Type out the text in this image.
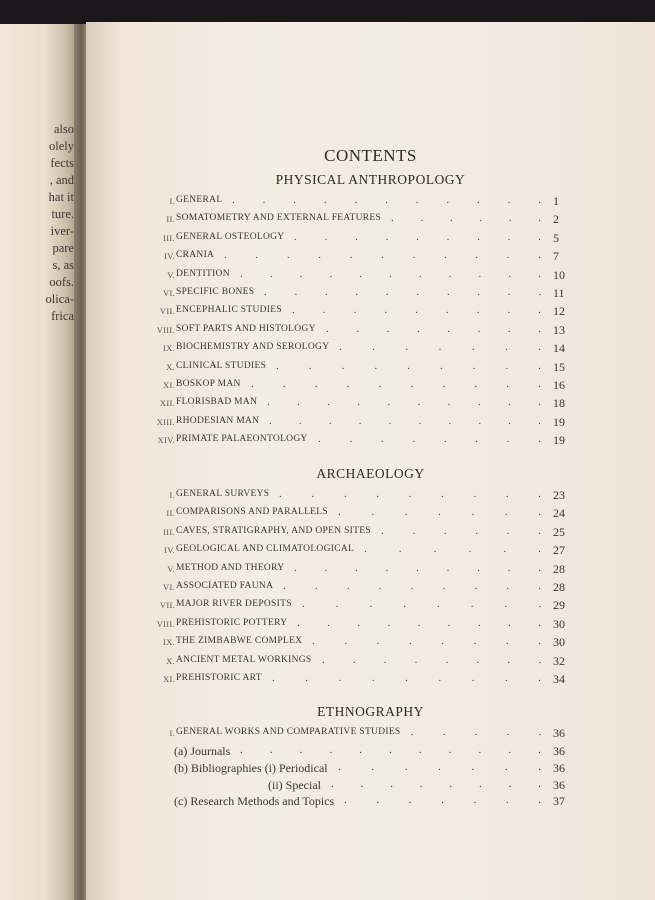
also
olely
fects
, and
hat it
ture.
iver-
pare
s, as
oofs.
olica-
frica
CONTENTS
PHYSICAL ANTHROPOLOGY
I. GENERAL	1
.	.	.	.	.	.	.	.	.	.	.
II. SOMATOMETRY AND EXTERNAL FEATURES	2
. . . . . .
III. GENERAL OSTEOLOGY	5
.	.	.	.	.	.	.	.	.
IV. CRANIA	7
.	.	.	.	.	.	.	.	.	.	.
V. DENTITION	10
. . . . . . . . . . .
VI. SPECIFIC BONES	11
.	.	.	.	.	.	.	.	.	.
VII. ENCEPHALIC STUDIES	12
.	.	.	.	.	.	.	.	.
VIII. SOFT PARTS AND HISTOLOGY	13
.	.	.	.	.	.	.	.
IX. BIOCHEMISTRY AND SEROLOGY	14
.	.	.	.	.	.	.
X. CLINICAL STUDIES	15
.	.	.	.	.	.	.	.	.
XI. BOSKOP MAN	16
.	.	.	.	.	.	.	.	.	.
XII. FLORISBAD MAN	18
. . . . . . . . . .
XIII. RHODESIAN MAN	19
. . . . . . . . . .
XIV. PRIMATE PALAEONTOLOGY	19
.	.	.	.	.	.	.	.
ARCHAEOLOGY
I. GENERAL SURVEYS	23
.	.	.	.	.	.	.	.	.
II. COMPARISONS AND PARALLELS	24
.	.	.	.	.	.	.
III. CAVES, STRATIGRAPHY, AND OPEN SITES	25
.	.	.	.	.	.
IV. GEOLOGICAL AND CLIMATOLOGICAL	27
.	.	.	.	.	.
V. METHOD AND THEORY	28
.	.	.	.	.	.	.	.	.
VI. ASSOCIATED FAUNA	28
.	.	.	.	.	.	.	.	.
VII. MAJOR RIVER DEPOSITS	29
.	.	.	.	.	.	.	.
VIII. PREHISTORIC POTTERY	30
. . . . . . . . .
IX. THE ZIMBABWE COMPLEX	30
.	.	.	.	.	.	.	.
X. ANCIENT METAL WORKINGS	32
.	.	.	.	.	.	.	.
XI. PREHISTORIC ART	34
.	.	.	.	.	.	.	.	.
ETHNOGRAPHY
I. GENERAL WORKS AND COMPARATIVE STUDIES	36
.	.	.	.	.
(a) Journals	36
. . . . . . . . . . .
(b) Bibliographies (i) Periodical	36
.	.	.	.	.	.	.
(ii) Special	36
. . . . . . . .
(c) Research Methods and Topics	37
.	.	.	.	.	.	.
